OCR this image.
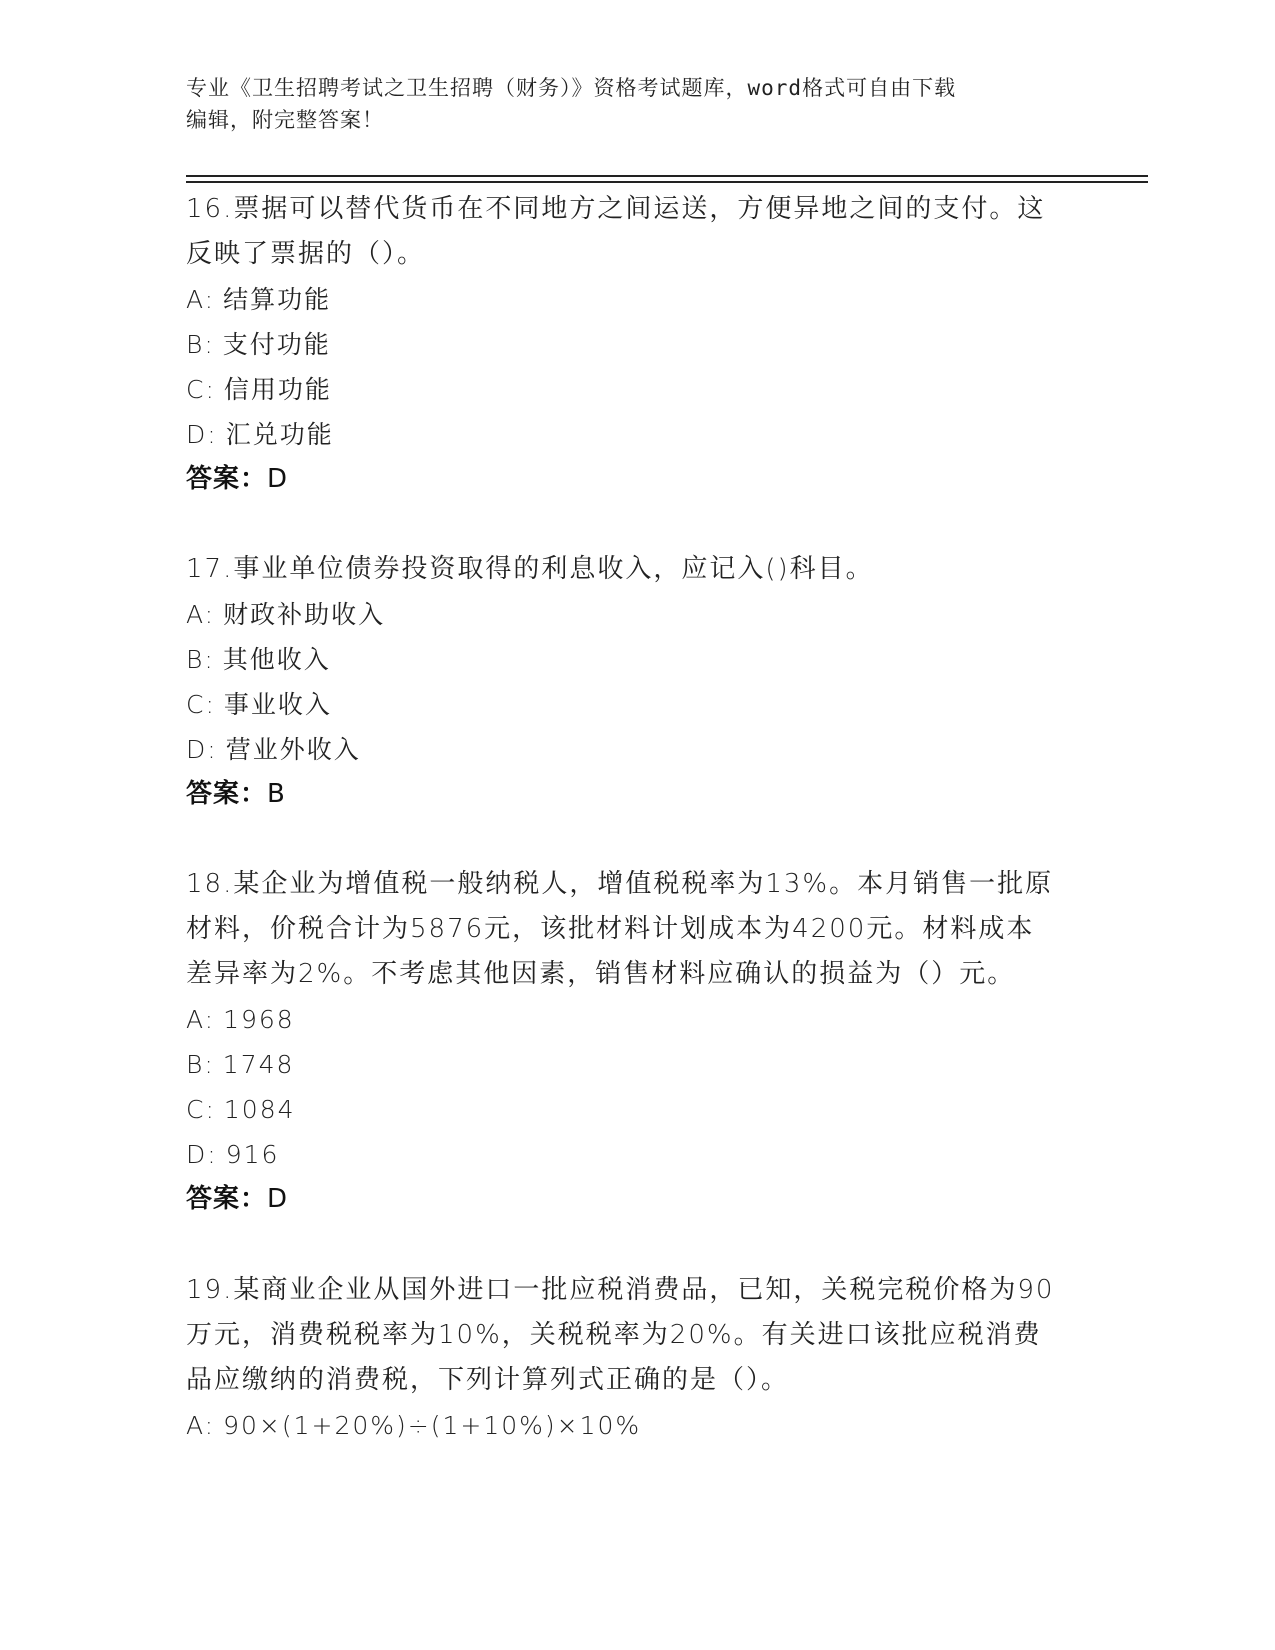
专业《卫生招聘考试之卫生招聘（财务）》资格考试题库，word格式可自由下载
编辑，附完整答案！
16.票据可以替代货币在不同地方之间运送，方便异地之间的支付。这
反映了票据的（）。
A: 结算功能
B: 支付功能
C: 信用功能
D: 汇兑功能
答案：D
17.事业单位债券投资取得的利息收入，应记入()科目。
A: 财政补助收入
B: 其他收入
C: 事业收入
D: 营业外收入
答案：B
18.某企业为增值税一般纳税人，增值税税率为13%。本月销售一批原
材料，价税合计为5876元，该批材料计划成本为4200元。材料成本
差异率为2%。不考虑其他因素，销售材料应确认的损益为（）元。
A: 1968
B: 1748
C: 1084
D: 916
答案：D
19.某商业企业从国外进口一批应税消费品，已知，关税完税价格为90
万元，消费税税率为10%，关税税率为20%。有关进口该批应税消费
品应缴纳的消费税，下列计算列式正确的是（）。
A: 90×(1+20%)÷(1+10%)×10%
